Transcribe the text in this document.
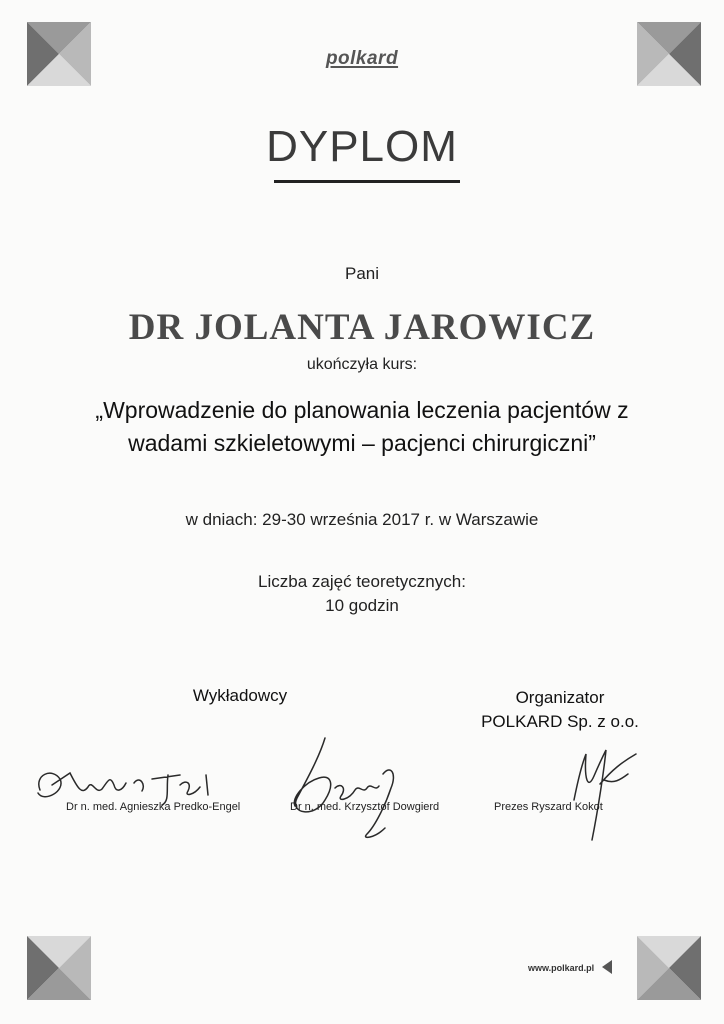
polkard
DYPLOM
Pani
DR JOLANTA JAROWICZ
ukończyła kurs:
„Wprowadzenie do planowania leczenia pacjentów z
wadami szkieletowymi – pacjenci chirurgiczni”
w dniach: 29-30 września 2017 r. w Warszawie
Liczba zajęć teoretycznych:
10 godzin
Wykładowcy	Organizator
POLKARD Sp. z o.o.
Dr n. med. Agnieszka Predko-Engel	Dr n. med. Krzysztof Dowgierd	Prezes Ryszard Kokot
www.polkard.pl
